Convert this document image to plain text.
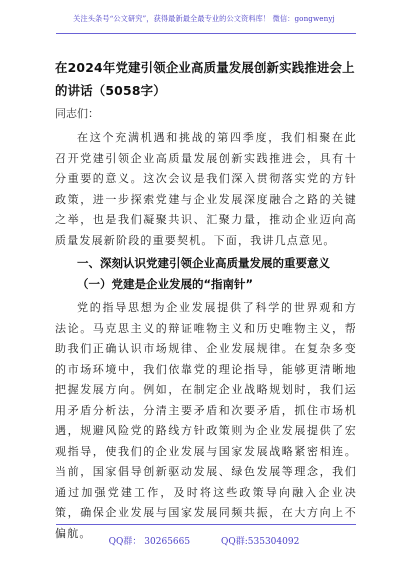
关注头条号“公文研究”，获得最新最全最专业的公文资料库！ 微信：gongwenyj
在2024年党建引领企业高质量发展创新实践推进会上的讲话（5058字）

同志们：

在这个充满机遇和挑战的第四季度，我们相聚在此召开党建引领企业高质量发展创新实践推进会，具有十分重要的意义。这次会议是我们深入贯彻落实党的方针政策，进一步探索党建与企业发展深度融合之路的关键之举，也是我们凝聚共识、汇聚力量，推动企业迈向高质量发展新阶段的重要契机。下面，我讲几点意见。

一、深刻认识党建引领企业高质量发展的重要意义

（一）党建是企业发展的“指南针”

党的指导思想为企业发展提供了科学的世界观和方法论。马克思主义的辩证唯物主义和历史唯物主义，帮助我们正确认识市场规律、企业发展规律。在复杂多变的市场环境中，我们依靠党的理论指导，能够更清晰地把握发展方向。例如，在制定企业战略规划时，我们运用矛盾分析法，分清主要矛盾和次要矛盾，抓住市场机遇，规避风险党的路线方针政策则为企业发展提供了宏观指导，使我们的企业发展与国家发展战略紧密相连。当前，国家倡导创新驱动发展、绿色发展等理念，我们通过加强党建工作，及时将这些政策导向融入企业决策，确保企业发展与国家发展同频共振，在大方向上不偏航。

QQ群： 30265665	QQ群:535304092
